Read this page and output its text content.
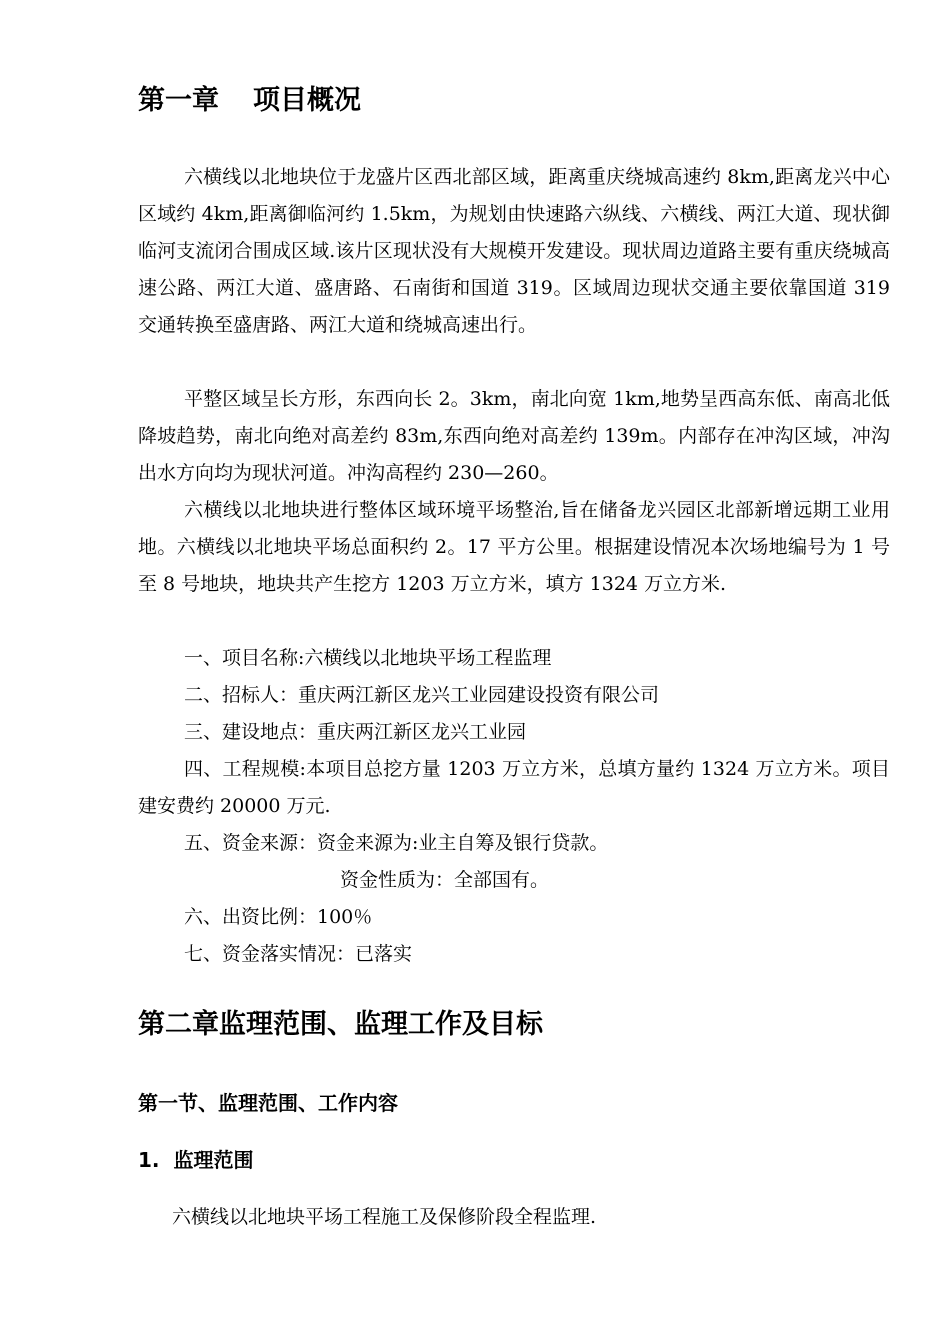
第一章 项目概况

六横线以北地块位于龙盛片区西北部区域，距离重庆绕城高速约 8km,距离龙兴中心区域约 4km,距离御临河约 1.5km，为规划由快速路六纵线、六横线、两江大道、现状御临河支流闭合围成区域.该片区现状没有大规模开发建设。现状周边道路主要有重庆绕城高速公路、两江大道、盛唐路、石南街和国道 319。区域周边现状交通主要依靠国道 319 交通转换至盛唐路、两江大道和绕城高速出行。

平整区域呈长方形，东西向长 2。3km，南北向宽 1km,地势呈西高东低、南高北低降坡趋势，南北向绝对高差约 83m,东西向绝对高差约 139m。内部存在冲沟区域，冲沟出水方向均为现状河道。冲沟高程约 230—260。

六横线以北地块进行整体区域环境平场整治,旨在储备龙兴园区北部新增远期工业用地。六横线以北地块平场总面积约 2。17 平方公里。根据建设情况本次场地编号为 1 号至 8 号地块，地块共产生挖方 1203 万立方米，填方 1324 万立方米.

一、项目名称:六横线以北地块平场工程监理

二、招标人：重庆两江新区龙兴工业园建设投资有限公司

三、建设地点：重庆两江新区龙兴工业园

四、工程规模:本项目总挖方量 1203 万立方米，总填方量约 1324 万立方米。项目建安费约 20000 万元.

五、资金来源：资金来源为:业主自筹及银行贷款。

资金性质为：全部国有。

六、出资比例：100％

七、资金落实情况：已落实

第二章监理范围、监理工作及目标
第一节、监理范围、工作内容
1.  监理范围

六横线以北地块平场工程施工及保修阶段全程监理.
